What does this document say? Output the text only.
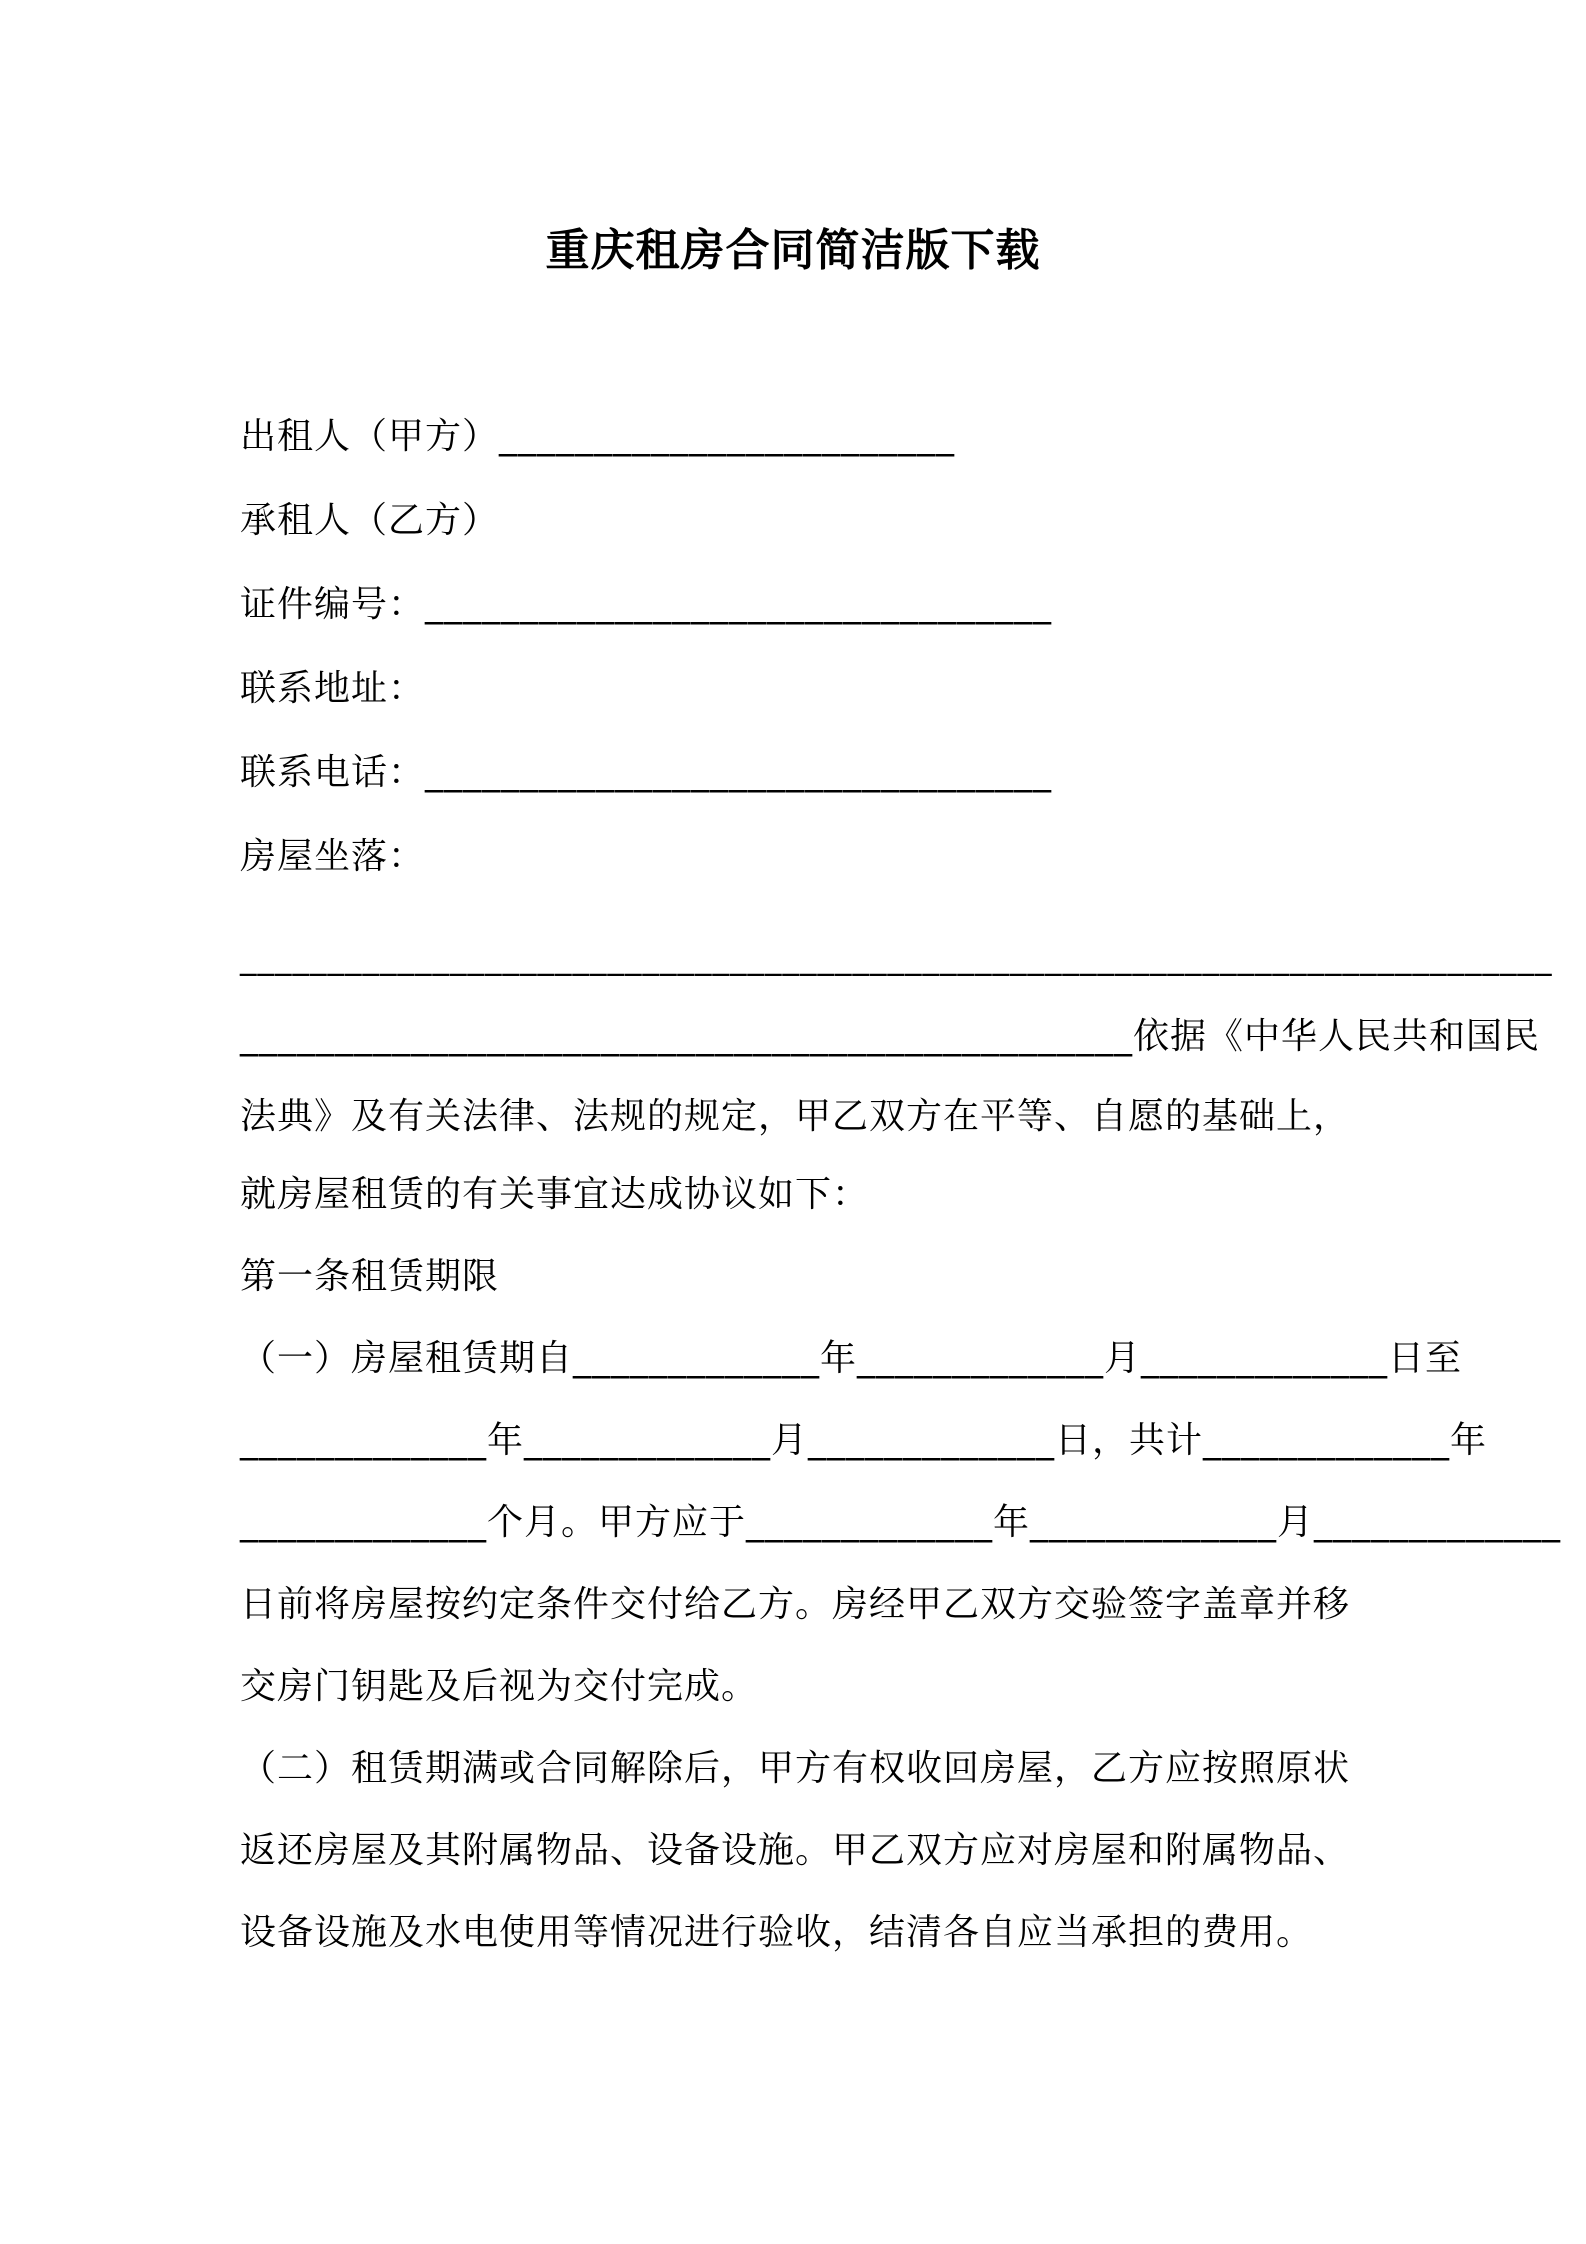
重庆租房合同简洁版下载
出租人（甲方）________________________
承租人（乙方）
证件编号：_________________________________
联系地址：
联系电话：_________________________________
房屋坐落：
___________________________________________________________________________
_______________________________________________依据《中华人民共和国民
法典》及有关法律、法规的规定，甲乙双方在平等、自愿的基础上，
就房屋租赁的有关事宜达成协议如下：
第一条租赁期限
（一）房屋租赁期自_____________年_____________月_____________日至
_____________年_____________月_____________日，共计_____________年
_____________个月。甲方应于_____________年_____________月_____________
日前将房屋按约定条件交付给乙方。房经甲乙双方交验签字盖章并移
交房门钥匙及后视为交付完成。
（二）租赁期满或合同解除后，甲方有权收回房屋，乙方应按照原状
返还房屋及其附属物品、设备设施。甲乙双方应对房屋和附属物品、
设备设施及水电使用等情况进行验收，结清各自应当承担的费用。
